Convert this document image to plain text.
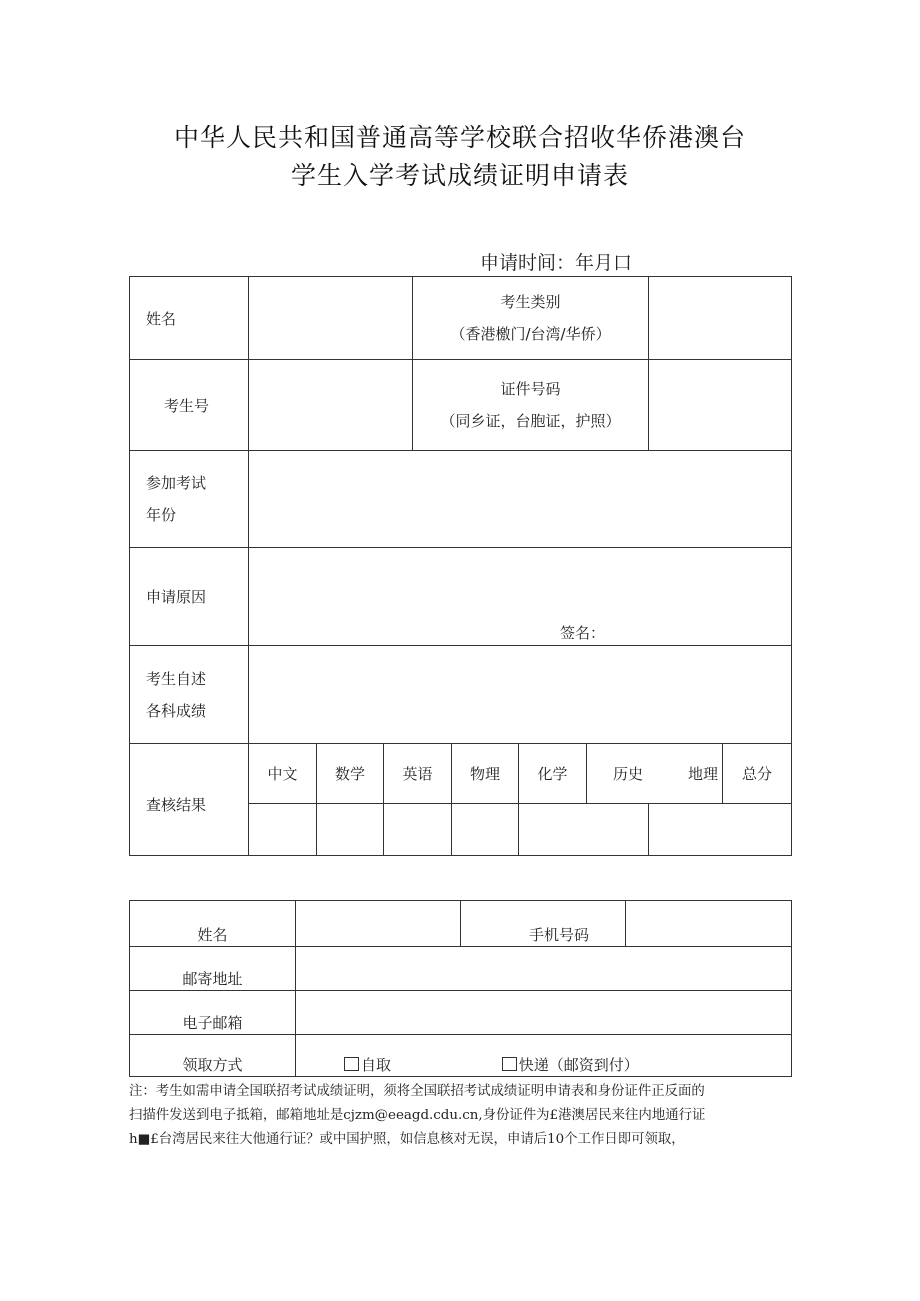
中华人民共和国普通高等学校联合招收华侨港澳台
学生入学考试成绩证明申请表
申请时间：年月口
姓名				考生类别
（香港檄门/台湾/华侨）						

考生号				证件号码
（同乡证，台胞证，护照）						

参加考试
年份										

申请原因	签名：									

考生自述
各科成绩										

查核结果	中文	数学	英语		物理	化学	历史 地理		总分	

姓名		手机号码	
邮寄地址			
电子邮箱			
领取方式	自取 快递（邮资到付）		

注：考生如需申请全国联招考试成绩证明，须将全国联招考试成绩证明申请表和身份证件正反面的

扫描件发送到电子抵箱，邮箱地址是cjzm@eeagd.cdu.cn,身份证件为£港澳居民来往内地通行证

h■£台湾居民来往大他通行证？或中国护照，如信息核对无误，申请后10个工作日即可领取，
